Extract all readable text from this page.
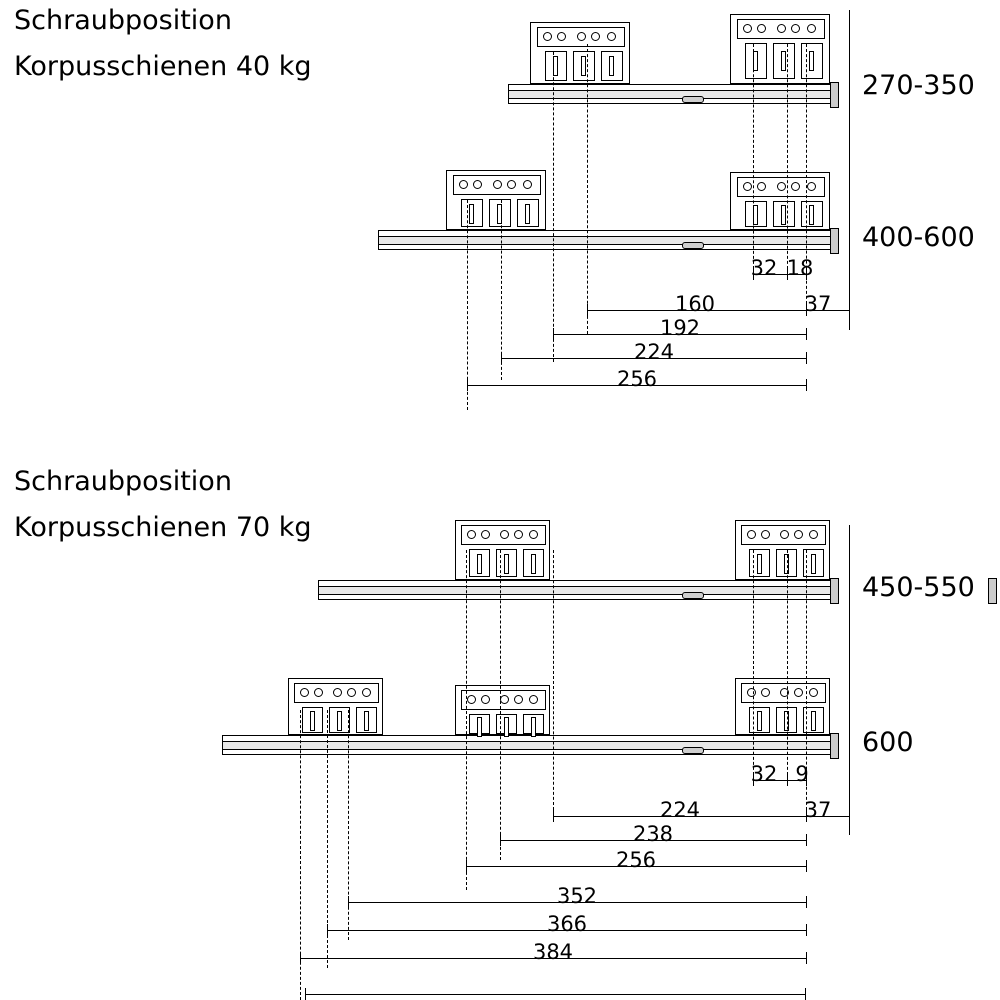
Schraubposition
Korpusschienen 40 kg
270-350
400-600
32 18
37
160
192
224
256
Schraubposition
Korpusschienen 70 kg
450-550
600
32 9
37
224
238
256
352
366
384
